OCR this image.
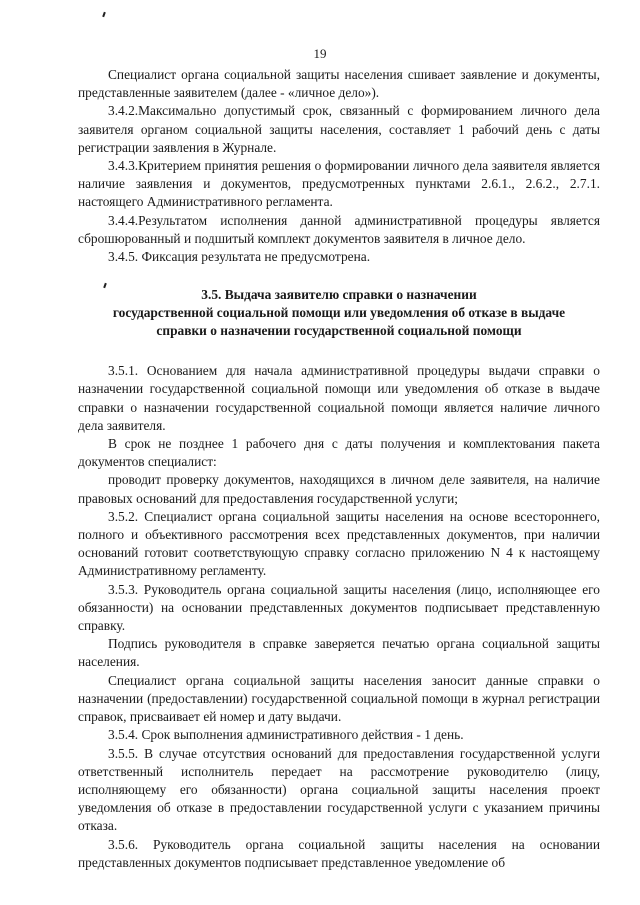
19

Специалист органа социальной защиты населения сшивает заявление и документы, представленные заявителем (далее - «личное дело»).

3.4.2.Максимально допустимый срок, связанный с формированием личного дела заявителя органом социальной защиты населения, составляет 1 рабочий день с даты регистрации заявления в Журнале.

3.4.3.Критерием принятия решения о формировании личного дела заявителя является наличие заявления и документов, предусмотренных пунктами 2.6.1., 2.6.2., 2.7.1. настоящего Административного регламента.

3.4.4.Результатом исполнения данной административной процедуры является сброшюрованный и подшитый комплект документов заявителя в личное дело.

3.4.5. Фиксация результата не предусмотрена.

3.5. Выдача заявителю справки о назначении
государственной социальной помощи или уведомления об отказе в выдаче
справки о назначении государственной социальной помощи

3.5.1. Основанием для начала административной процедуры выдачи справки о назначении государственной социальной помощи или уведомления об отказе в выдаче справки о назначении государственной социальной помощи является наличие личного дела заявителя.

В срок не позднее 1 рабочего дня с даты получения и комплектования пакета документов специалист:

проводит проверку документов, находящихся в личном деле заявителя, на наличие правовых оснований для предоставления государственной услуги;

3.5.2. Специалист органа социальной защиты населения на основе всестороннего, полного и объективного рассмотрения всех представленных документов, при наличии оснований готовит соответствующую справку согласно приложению N 4 к настоящему Административному регламенту.

3.5.3. Руководитель органа социальной защиты населения (лицо, исполняющее его обязанности) на основании представленных документов подписывает представленную справку.

Подпись руководителя в справке заверяется печатью органа социальной защиты населения.

Специалист органа социальной защиты населения заносит данные справки о назначении (предоставлении) государственной социальной помощи в журнал регистрации справок, присваивает ей номер и дату выдачи.

3.5.4. Срок выполнения административного действия - 1 день.

3.5.5. В случае отсутствия оснований для предоставления государственной услуги ответственный исполнитель передает на рассмотрение руководителю (лицу, исполняющему его обязанности) органа социальной защиты населения проект уведомления об отказе в предоставлении государственной услуги с указанием причины отказа.

3.5.6. Руководитель органа социальной защиты населения на основании представленных документов подписывает представленное уведомление об
